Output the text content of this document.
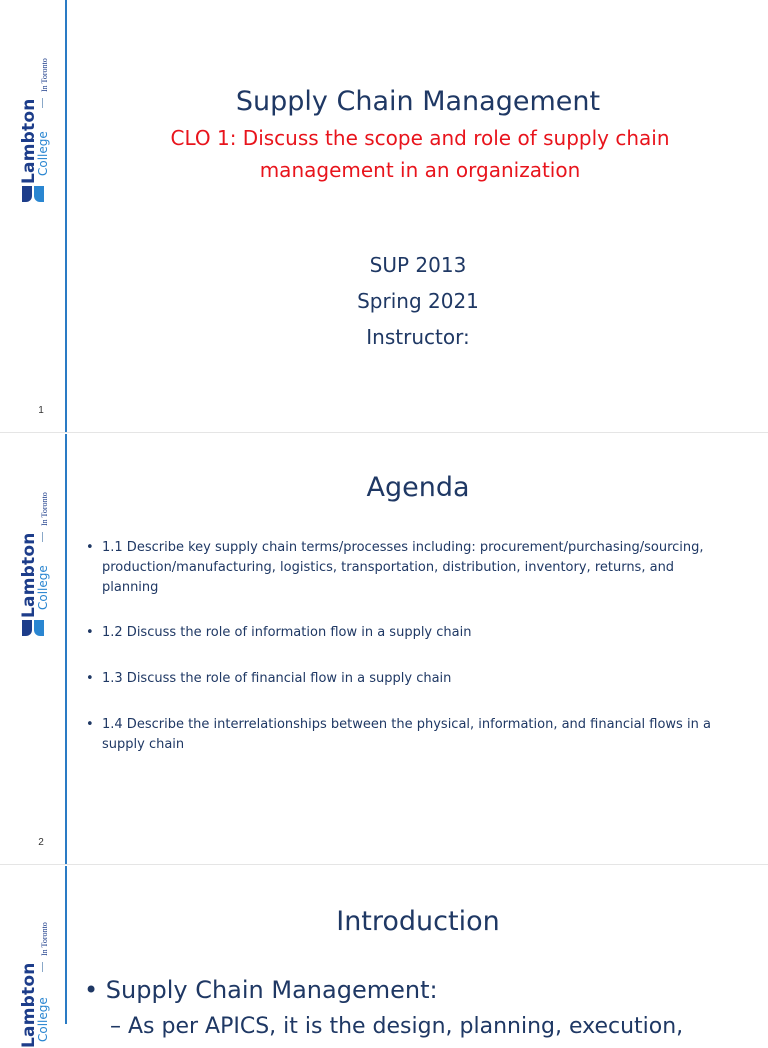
In Toronto
Lambton
College
Supply Chain Management
CLO 1: Discuss the scope and role of supply chain management in an organization
SUP 2013
Spring 2021
Instructor:
1
In Toronto
Lambton
College
Agenda
• 1.1 Describe key supply chain terms/processes including: procurement/purchasing/sourcing, production/manufacturing, logistics, transportation, distribution, inventory, returns, and planning
• 1.2 Discuss the role of information flow in a supply chain
• 1.3 Discuss the role of financial flow in a supply chain
• 1.4 Describe the interrelationships between the physical, information, and financial flows in a supply chain
2
In Toronto
Lambton
College
Introduction
• Supply Chain Management:
– As per APICS, it is the design, planning, execution,
